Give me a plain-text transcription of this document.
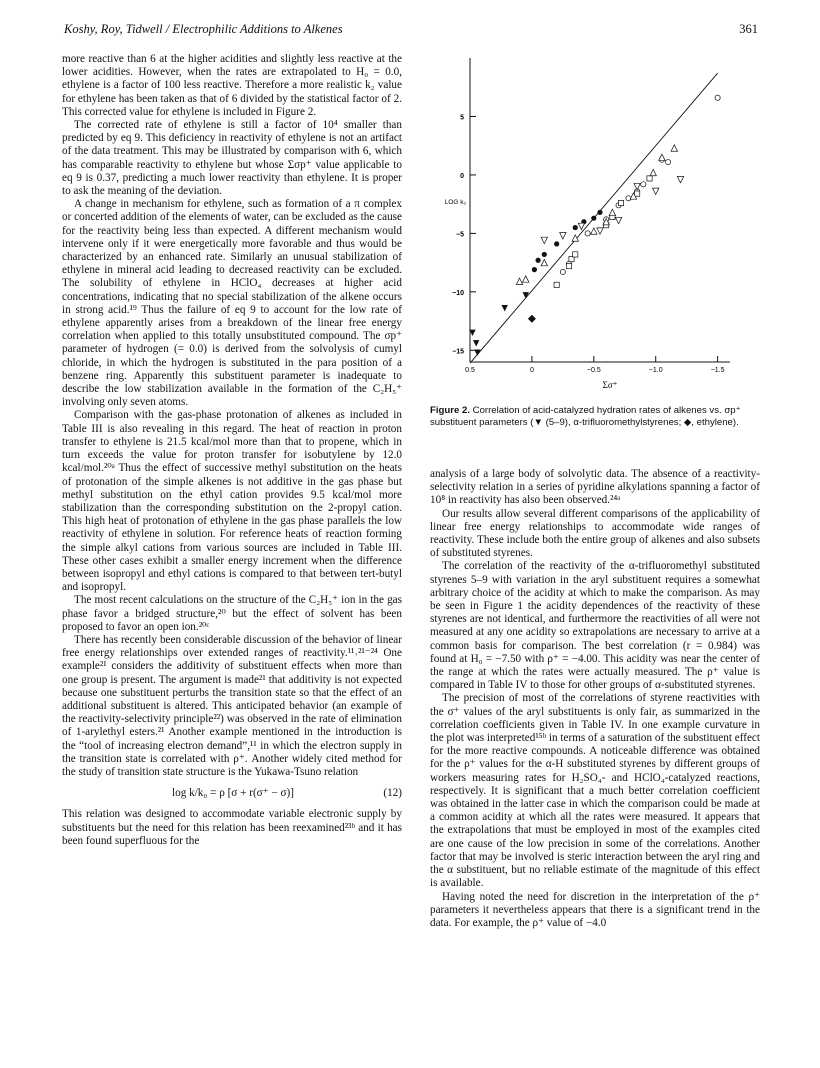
Koshy, Roy, Tidwell / Electrophilic Additions to Alkenes	361

more reactive than 6 at the higher acidities and slightly less reactive at the lower acidities. However, when the rates are extrapolated to H₀ = 0.0, ethylene is a factor of 100 less reactive. Therefore a more realistic k₂ value for ethylene has been taken as that of 6 divided by the statistical factor of 2. This corrected value for ethylene is included in Figure 2.

The corrected rate of ethylene is still a factor of 10⁴ smaller than predicted by eq 9. This deficiency in reactivity of ethylene is not an artifact of the data treatment. This may be illustrated by comparison with 6, which has comparable reactivity to ethylene but whose Σσp⁺ value applicable to eq 9 is 0.37, predicting a much lower reactivity than ethylene. It is proper to ask the meaning of the deviation.

A change in mechanism for ethylene, such as formation of a π complex or concerted addition of the elements of water, can be excluded as the cause for the reactivity being less than expected. A different mechanism would intervene only if it were energetically more favorable and thus would be characterized by an enhanced rate. Similarly an unusual stabilization of ethylene in mineral acid leading to decreased reactivity can be excluded. The solubility of ethylene in HClO₄ decreases at higher acid concentrations, indicating that no special stabilization of the alkene occurs in strong acid.¹⁹ Thus the failure of eq 9 to account for the low rate of ethylene apparently arises from a breakdown of the linear free energy correlation when applied to this totally unsubstituted compound. The σp⁺ parameter of hydrogen (= 0.0) is derived from the solvolysis of cumyl chloride, in which the hydrogen is substituted in the para position of a benzene ring. Apparently this substituent parameter is inadequate to describe the low stabilization available in the formation of the C₂H₅⁺ involving only seven atoms.

Comparison with the gas-phase protonation of alkenes as included in Table III is also revealing in this regard. The heat of reaction in proton transfer to ethylene is 21.5 kcal/mol more than that to propene, which in turn exceeds the value for proton transfer for isobutylene by 12.0 kcal/mol.²⁰ᵃ Thus the effect of successive methyl substitution on the heats of protonation of the simple alkenes is not additive in the gas phase but methyl substitution on the ethyl cation provides 9.5 kcal/mol more stabilization than the corresponding substitution on the 2-propyl cation. This high heat of protonation of ethylene in the gas phase parallels the low reactivity of ethylene in solution. For reference heats of reaction forming the simple alkyl cations from various sources are included in Table III. These other cases exhibit a smaller energy increment when the difference between isopropyl and ethyl cations is compared to that between tert-butyl and isopropyl.

The most recent calculations on the structure of the C₂H₅⁺ ion in the gas phase favor a bridged structure,²⁰ but the effect of solvent has been proposed to favor an open ion.²⁰ᶜ

There has recently been considerable discussion of the behavior of linear free energy relationships over extended ranges of reactivity.¹¹˒²¹⁻²⁴ One example²¹ considers the additivity of substituent effects when more than one group is present. The argument is made²¹ that additivity is not expected because one substituent perturbs the transition state so that the effect of an additional substituent is altered. This anticipated behavior (an example of the reactivity-selectivity principle²²) was observed in the rate of elimination of 1-arylethyl esters.²¹ Another example mentioned in the introduction is the “tool of increasing electron demand”,¹¹ in which the electron supply in the transition state is correlated with ρ⁺. Another widely cited method for the study of transition state structure is the Yukawa-Tsuno relation

log k/k₀ = ρ [σ + r(σ⁺ − σ)]	(12)

This relation was designed to accommodate variable electronic supply by substituents but the need for this relation has been reexamined²³ᵇ and it has been found superfluous for the

5
0
−5
−10
−15
0.5	0	−0.5	−1.0	−1.5
LOG k₂
Σσ⁺
Figure 2. Correlation of acid-catalyzed hydration rates of alkenes vs. σp⁺ substituent parameters (▼ (5–9), α-trifluoromethylstyrenes; ◆, ethylene).

analysis of a large body of solvolytic data. The absence of a reactivity-selectivity relation in a series of pyridine alkylations spanning a factor of 10⁸ in reactivity has also been observed.²⁴ᵃ

Our results allow several different comparisons of the applicability of linear free energy relationships to accommodate wide ranges of reactivity. These include both the entire group of alkenes and also subsets of substituted styrenes.

The correlation of the reactivity of the α-trifluoromethyl substituted styrenes 5–9 with variation in the aryl substituent requires a somewhat arbitrary choice of the acidity at which to make the comparison. As may be seen in Figure 1 the acidity dependences of the reactivity of these styrenes are not identical, and furthermore the reactivities of all were not measured at any one acidity so extrapolations are necessary to arrive at a common basis for comparison. The best correlation (r = 0.984) was found at H₀ = −7.50 with ρ⁺ = −4.00. This acidity was near the center of the range at which the rates were actually measured. The ρ⁺ value is compared in Table IV to those for other groups of α-substituted styrenes.

The precision of most of the correlations of styrene reactivities with the σ⁺ values of the aryl substituents is only fair, as summarized in the correlation coefficients given in Table IV. In one example curvature in the plot was interpreted¹⁵ᵇ in terms of a saturation of the substituent effect for the more reactive compounds. A noticeable difference was obtained for the ρ⁺ values for the α-H substituted styrenes by different groups of workers measuring rates for H₂SO₄- and HClO₄-catalyzed reactions, respectively. It is significant that a much better correlation coefficient was obtained in the latter case in which the comparison could be made at a common acidity at which all the rates were measured. It appears that the extrapolations that must be employed in most of the examples cited are one cause of the low precision in some of the correlations. Another factor that may be involved is steric interaction between the aryl ring and the α substituent, but no reliable estimate of the magnitude of this effect is available.

Having noted the need for discretion in the interpretation of the ρ⁺ parameters it nevertheless appears that there is a significant trend in the data. For example, the ρ⁺ value of −4.0
